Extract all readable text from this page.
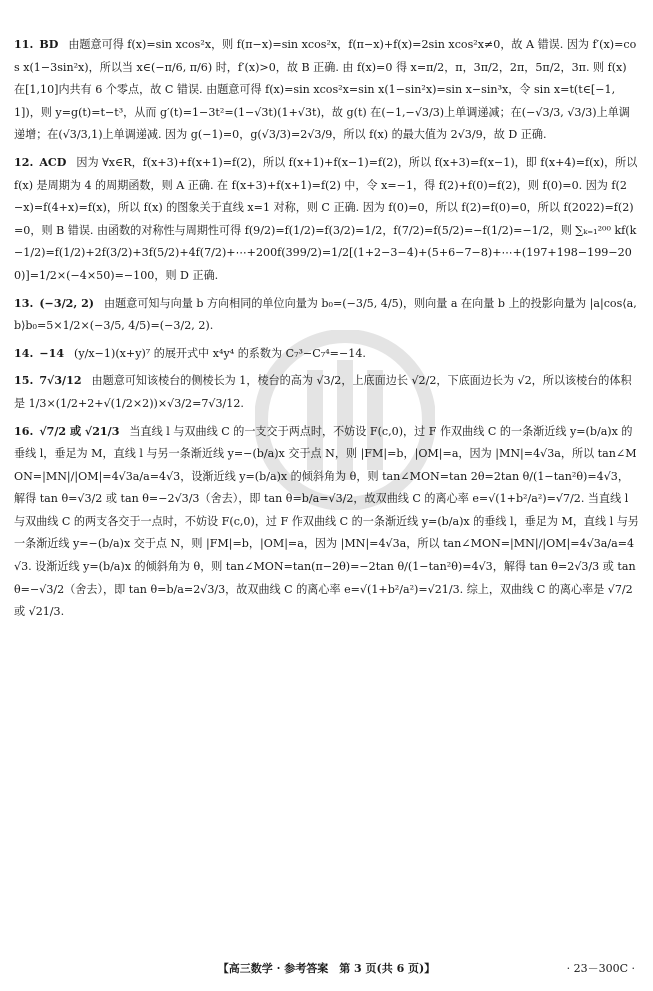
11. BD 由题意可得 f(x)=sin xcos²x，则 f(π−x)=sin xcos²x，f(π−x)+f(x)=2sin xcos²x≠0，故 A 错误. 因为 f′(x)=cos x(1−3sin²x)，所以当 x∈(−π/6, π/6) 时，f′(x)>0，故 B 正确. 由 f(x)=0 得 x=π/2，π，3π/2，2π，5π/2，3π. 则 f(x) 在[1,10]内共有 6 个零点，故 C 错误. 由题意可得 f(x)=sin xcos²x=sin x(1−sin²x)=sin x−sin³x，令 sin x=t(t∈[−1,1])，则 y=g(t)=t−t³，从而 g′(t)=1−3t²=(1−√3t)(1+√3t)，故 g(t) 在(−1,−√3/3)上单调递减；在(−√3/3, √3/3)上单调递增；在(√3/3,1)上单调递减. 因为 g(−1)=0，g(√3/3)=2√3/9，所以 f(x) 的最大值为 2√3/9，故 D 正确.

12. ACD 因为 ∀x∈R，f(x+3)+f(x+1)=f(2)，所以 f(x+1)+f(x−1)=f(2)，所以 f(x+3)=f(x−1)，即 f(x+4)=f(x)，所以 f(x) 是周期为 4 的周期函数，则 A 正确. 在 f(x+3)+f(x+1)=f(2) 中，令 x=−1，得 f(2)+f(0)=f(2)，则 f(0)=0. 因为 f(2−x)=f(4+x)=f(x)，所以 f(x) 的图象关于直线 x=1 对称，则 C 正确. 因为 f(0)=0，所以 f(2)=f(0)=0，所以 f(2022)=f(2)=0，则 B 错误. 由函数的对称性与周期性可得 f(9/2)=f(1/2)=f(3/2)=1/2，f(7/2)=f(5/2)=−f(1/2)=−1/2，则 ∑ₖ₌₁²⁰⁰ kf(k−1/2)=f(1/2)+2f(3/2)+3f(5/2)+4f(7/2)+⋯+200f(399/2)=1/2[(1+2−3−4)+(5+6−7−8)+⋯+(197+198−199−200)]=1/2×(−4×50)=−100，则 D 正确.

13. (−3/2, 2) 由题意可知与向量 b 方向相同的单位向量为 b₀=(−3/5, 4/5)，则向量 a 在向量 b 上的投影向量为 |a|cos⟨a,b⟩b₀=5×1/2×(−3/5, 4/5)=(−3/2, 2).

14. −14 (y/x−1)(x+y)⁷ 的展开式中 x⁴y⁴ 的系数为 C₇³−C₇⁴=−14.

15. 7√3/12 由题意可知该棱台的侧棱长为 1，棱台的高为 √3/2，上底面边长 √2/2，下底面边长为 √2，所以该棱台的体积是 1/3×(1/2+2+√(1/2×2))×√3/2=7√3/12.

16. √7/2 或 √21/3 当直线 l 与双曲线 C 的一支交于两点时，不妨设 F(c,0)，过 F 作双曲线 C 的一条渐近线 y=(b/a)x 的垂线 l，垂足为 M，直线 l 与另一条渐近线 y=−(b/a)x 交于点 N，则 |FM|=b，|OM|=a，因为 |MN|=4√3a，所以 tan∠MON=|MN|/|OM|=4√3a/a=4√3，设渐近线 y=(b/a)x 的倾斜角为 θ，则 tan∠MON=tan 2θ=2tan θ/(1−tan²θ)=4√3，解得 tan θ=√3/2 或 tan θ=−2√3/3（舍去），即 tan θ=b/a=√3/2，故双曲线 C 的离心率 e=√(1+b²/a²)=√7/2. 当直线 l 与双曲线 C 的两支各交于一点时，不妨设 F(c,0)，过 F 作双曲线 C 的一条渐近线 y=(b/a)x 的垂线 l，垂足为 M，直线 l 与另一条渐近线 y=−(b/a)x 交于点 N，则 |FM|=b，|OM|=a，因为 |MN|=4√3a，所以 tan∠MON=|MN|/|OM|=4√3a/a=4√3. 设渐近线 y=(b/a)x 的倾斜角为 θ，则 tan∠MON=tan(π−2θ)=−2tan θ/(1−tan²θ)=4√3，解得 tan θ=2√3/3 或 tan θ=−√3/2（舍去），即 tan θ=b/a=2√3/3，故双曲线 C 的离心率 e=√(1+b²/a²)=√21/3. 综上，双曲线 C 的离心率是 √7/2 或 √21/3.

【高三数学 · 参考答案　第 3 页(共 6 页)】	· 23－300C ·
